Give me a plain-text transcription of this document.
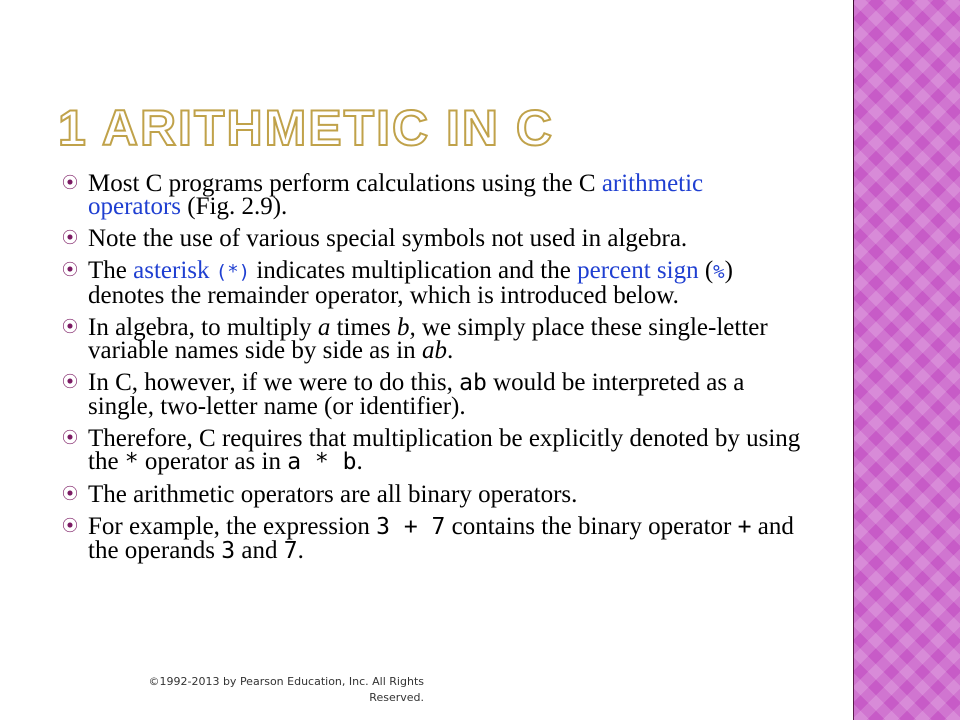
1 ARITHMETIC IN C
⦿ Most C programs perform calculations using the C arithmetic operators (Fig. 2.9).
⦿ Note the use of various special symbols not used in algebra.
⦿ The asterisk (*) indicates multiplication and the percent sign (%) denotes the remainder operator, which is introduced below.
⦿ In algebra, to multiply a times b, we simply place these single-letter variable names side by side as in ab.
⦿ In C, however, if we were to do this, ab would be interpreted as a single, two-letter name (or identifier).
⦿ Therefore, C requires that multiplication be explicitly denoted by using the * operator as in a * b.
⦿ The arithmetic operators are all binary operators.
⦿ For example, the expression 3 + 7 contains the binary operator + and the operands 3 and 7.
©1992-2013 by Pearson Education, Inc. All Rights
Reserved.
